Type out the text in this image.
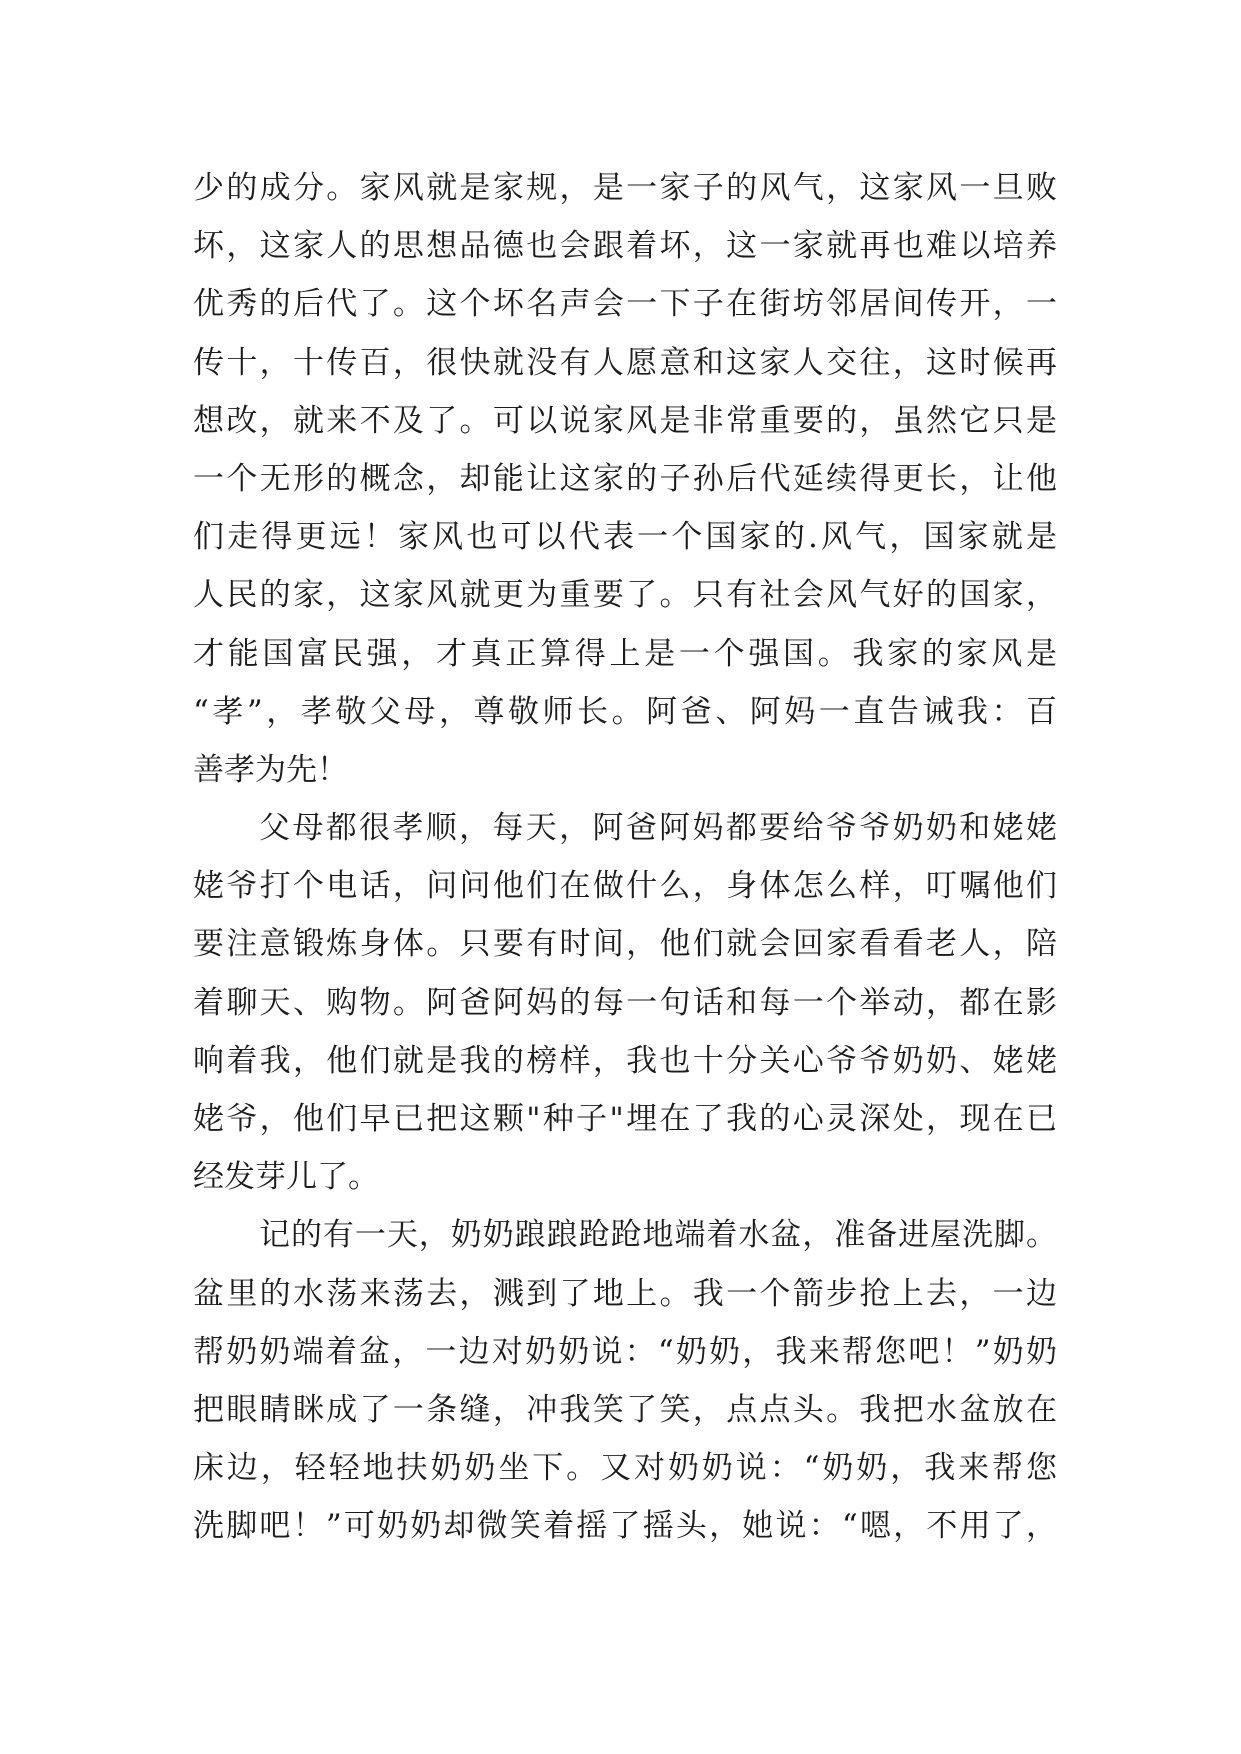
少的成分。家风就是家规，是一家子的风气，这家风一旦败
坏，这家人的思想品德也会跟着坏，这一家就再也难以培养
优秀的后代了。这个坏名声会一下子在街坊邻居间传开，一
传十，十传百，很快就没有人愿意和这家人交往，这时候再
想改，就来不及了。可以说家风是非常重要的，虽然它只是
一个无形的概念，却能让这家的子孙后代延续得更长，让他
们走得更远！家风也可以代表一个国家的.风气，国家就是
人民的家，这家风就更为重要了。只有社会风气好的国家，
才能国富民强，才真正算得上是一个强国。我家的家风是
“孝”，孝敬父母，尊敬师长。阿爸、阿妈一直告诫我：百
善孝为先！
父母都很孝顺，每天，阿爸阿妈都要给爷爷奶奶和姥姥
姥爷打个电话，问问他们在做什么，身体怎么样，叮嘱他们
要注意锻炼身体。只要有时间，他们就会回家看看老人，陪
着聊天、购物。阿爸阿妈的每一句话和每一个举动，都在影
响着我，他们就是我的榜样，我也十分关心爷爷奶奶、姥姥
姥爷，他们早已把这颗"种子"埋在了我的心灵深处，现在已
经发芽儿了。
记的有一天，奶奶踉踉跄跄地端着水盆，准备进屋洗脚。
盆里的水荡来荡去，溅到了地上。我一个箭步抢上去，一边
帮奶奶端着盆，一边对奶奶说：“奶奶，我来帮您吧！”奶奶
把眼睛眯成了一条缝，冲我笑了笑，点点头。我把水盆放在
床边，轻轻地扶奶奶坐下。又对奶奶说：“奶奶，我来帮您
洗脚吧！”可奶奶却微笑着摇了摇头，她说：“嗯，不用了，
